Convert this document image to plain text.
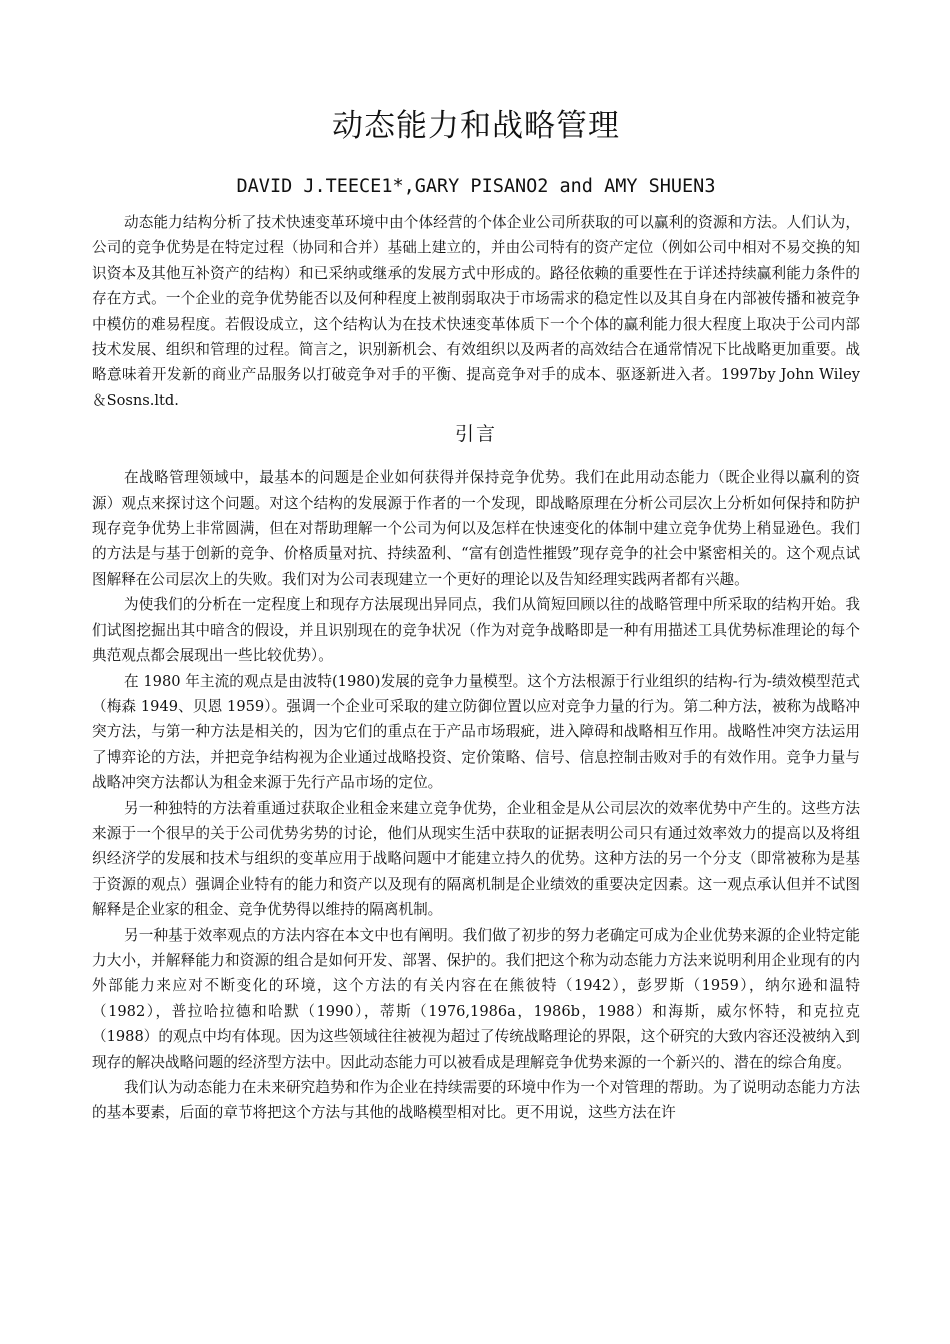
动态能力和战略管理
DAVID J.TEECE1*,GARY PISANO2 and AMY SHUEN3

动态能力结构分析了技术快速变革环境中由个体经营的个体企业公司所获取的可以赢利的资源和方法。人们认为，公司的竞争优势是在特定过程（协同和合并）基础上建立的，并由公司特有的资产定位（例如公司中相对不易交换的知识资本及其他互补资产的结构）和已采纳或继承的发展方式中形成的。路径依赖的重要性在于详述持续赢利能力条件的存在方式。一个企业的竞争优势能否以及何种程度上被削弱取决于市场需求的稳定性以及其自身在内部被传播和被竞争中模仿的难易程度。若假设成立，这个结构认为在技术快速变革体质下一个个体的赢利能力很大程度上取决于公司内部技术发展、组织和管理的过程。简言之，识别新机会、有效组织以及两者的高效结合在通常情况下比战略更加重要。战略意味着开发新的商业产品服务以打破竞争对手的平衡、提高竞争对手的成本、驱逐新进入者。1997by John Wiley ＆Sosns.ltd.

引言

在战略管理领域中，最基本的问题是企业如何获得并保持竞争优势。我们在此用动态能力（既企业得以赢利的资源）观点来探讨这个问题。对这个结构的发展源于作者的一个发现，即战略原理在分析公司层次上分析如何保持和防护现存竞争优势上非常圆满，但在对帮助理解一个公司为何以及怎样在快速变化的体制中建立竞争优势上稍显逊色。我们的方法是与基于创新的竞争、价格质量对抗、持续盈利、“富有创造性摧毁”现存竞争的社会中紧密相关的。这个观点试图解释在公司层次上的失败。我们对为公司表现建立一个更好的理论以及告知经理实践两者都有兴趣。

为使我们的分析在一定程度上和现存方法展现出异同点，我们从简短回顾以往的战略管理中所采取的结构开始。我们试图挖掘出其中暗含的假设，并且识别现在的竞争状况（作为对竞争战略即是一种有用描述工具优势标准理论的每个典范观点都会展现出一些比较优势）。

在 1980 年主流的观点是由波特(1980)发展的竞争力量模型。这个方法根源于行业组织的结构-行为-绩效模型范式（梅森 1949、贝恩 1959）。强调一个企业可采取的建立防御位置以应对竞争力量的行为。第二种方法，被称为战略冲突方法，与第一种方法是相关的，因为它们的重点在于产品市场瑕疵，进入障碍和战略相互作用。战略性冲突方法运用了博弈论的方法，并把竞争结构视为企业通过战略投资、定价策略、信号、信息控制击败对手的有效作用。竞争力量与战略冲突方法都认为租金来源于先行产品市场的定位。

另一种独特的方法着重通过获取企业租金来建立竞争优势，企业租金是从公司层次的效率优势中产生的。这些方法来源于一个很早的关于公司优势劣势的讨论，他们从现实生活中获取的证据表明公司只有通过效率效力的提高以及将组织经济学的发展和技术与组织的变革应用于战略问题中才能建立持久的优势。这种方法的另一个分支（即常被称为是基于资源的观点）强调企业特有的能力和资产以及现有的隔离机制是企业绩效的重要决定因素。这一观点承认但并不试图解释是企业家的租金、竞争优势得以维持的隔离机制。

另一种基于效率观点的方法内容在本文中也有阐明。我们做了初步的努力老确定可成为企业优势来源的企业特定能力大小，并解释能力和资源的组合是如何开发、部署、保护的。我们把这个称为动态能力方法来说明利用企业现有的内外部能力来应对不断变化的环境，这个方法的有关内容在在熊彼特（1942），彭罗斯（1959），纳尔逊和温特（1982），普拉哈拉德和哈默（1990），蒂斯（1976,1986a，1986b，1988）和海斯，威尔怀特，和克拉克（1988）的观点中均有体现。因为这些领域往往被视为超过了传统战略理论的界限，这个研究的大致内容还没被纳入到现存的解决战略问题的经济型方法中。因此动态能力可以被看成是理解竞争优势来源的一个新兴的、潜在的综合角度。

我们认为动态能力在未来研究趋势和作为企业在持续需要的环境中作为一个对管理的帮助。为了说明动态能力方法的基本要素，后面的章节将把这个方法与其他的战略模型相对比。更不用说，这些方法在许
